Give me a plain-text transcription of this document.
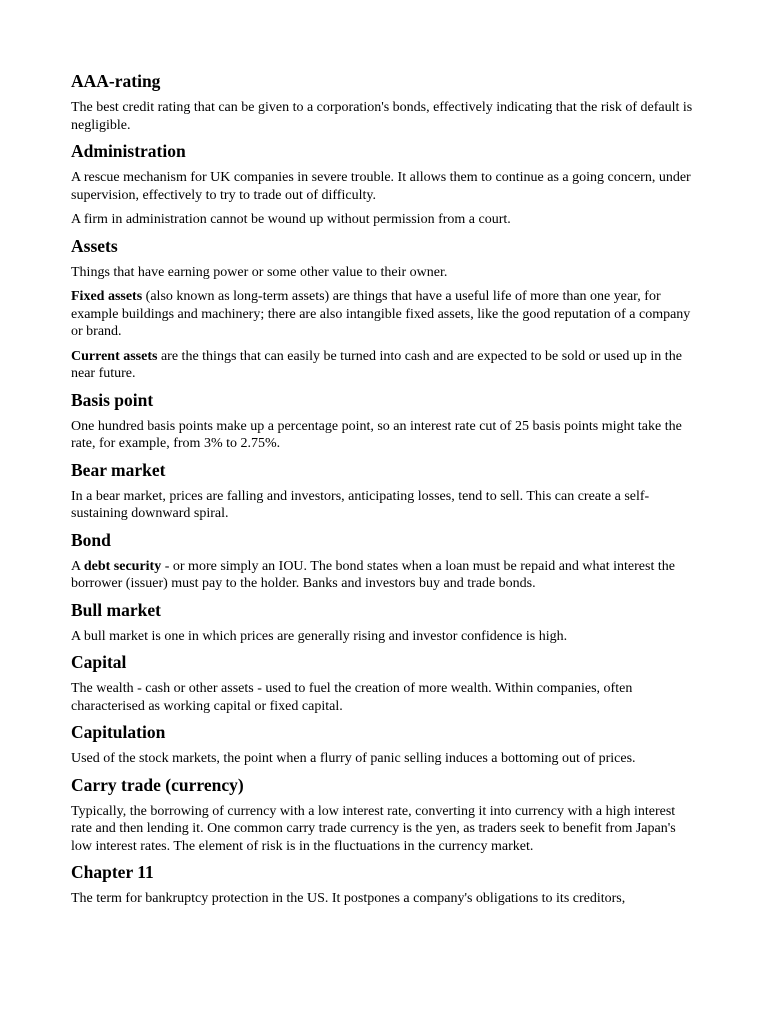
AAA-rating

The best credit rating that can be given to a corporation's bonds, effectively indicating that the risk of default is negligible.

Administration

A rescue mechanism for UK companies in severe trouble. It allows them to continue as a going concern, under supervision, effectively to try to trade out of difficulty.

A firm in administration cannot be wound up without permission from a court.

Assets

Things that have earning power or some other value to their owner.

Fixed assets (also known as long-term assets) are things that have a useful life of more than one year, for example buildings and machinery; there are also intangible fixed assets, like the good reputation of a company or brand.

Current assets are the things that can easily be turned into cash and are expected to be sold or used up in the near future.

Basis point

One hundred basis points make up a percentage point, so an interest rate cut of 25 basis points might take the rate, for example, from 3% to 2.75%.

Bear market

In a bear market, prices are falling and investors, anticipating losses, tend to sell. This can create a self-sustaining downward spiral.

Bond

A debt security - or more simply an IOU. The bond states when a loan must be repaid and what interest the borrower (issuer) must pay to the holder. Banks and investors buy and trade bonds.

Bull market

A bull market is one in which prices are generally rising and investor confidence is high.

Capital

The wealth - cash or other assets - used to fuel the creation of more wealth. Within companies, often characterised as working capital or fixed capital.

Capitulation

Used of the stock markets, the point when a flurry of panic selling induces a bottoming out of prices.

Carry trade (currency)

Typically, the borrowing of currency with a low interest rate, converting it into currency with a high interest rate and then lending it. One common carry trade currency is the yen, as traders seek to benefit from Japan's low interest rates. The element of risk is in the fluctuations in the currency market.

Chapter 11

The term for bankruptcy protection in the US. It postpones a company's obligations to its creditors,
